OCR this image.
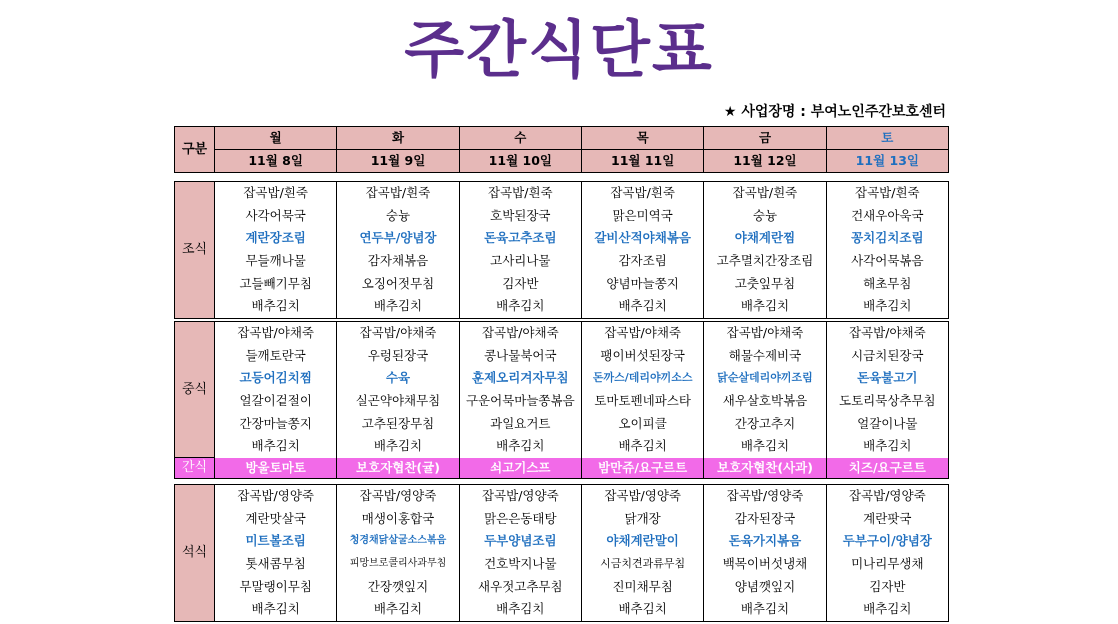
주간식단표
★ 사업장명 : 부여노인주간보호센터
구분	월	화	수	목	금	토
	11월 8일	11월 9일	11월 10일	11월 11일	11월 12일	11월 13일
조식	잡곡밥/흰죽	잡곡밥/흰죽	잡곡밥/흰죽	잡곡밥/흰죽	잡곡밥/흰죽	잡곡밥/흰죽
	사각어묵국	숭늉	호박된장국	맑은미역국	숭늉	건새우아욱국
	계란장조림	연두부/양념장	돈육고추조림	갈비산적야채볶음	야채계란찜	꽁치김치조림
	무들깨나물	감자채볶음	고사리나물	감자조림	고추멸치간장조림	사각어묵볶음
	고들빼기무침	오징어젓무침	김자반	양념마늘쫑지	고춧잎무침	해초무침
	배추김치	배추김치	배추김치	배추김치	배추김치	배추김치
중식	잡곡밥/야채죽	잡곡밥/야채죽	잡곡밥/야채죽	잡곡밥/야채죽	잡곡밥/야채죽	잡곡밥/야채죽
	들깨토란국	우렁된장국	콩나물북어국	팽이버섯된장국	해물수제비국	시금치된장국
	고등어김치찜	수육	훈제오리겨자무침	돈까스/데리야끼소스	닭순살데리야끼조림	돈육불고기
	얼갈이겉절이	실곤약야채무침	구운어묵마늘쫑볶음	토마토펜네파스타	새우살호박볶음	도토리묵상추무침
	간장마늘쫑지	고추된장무침	과일요거트	오이피클	간장고추지	얼갈이나물
	배추김치	배추김치	배추김치	배추김치	배추김치	배추김치
간식	방울토마토	보호자협찬(귤)	쇠고기스프	밤만쥬/요구르트	보호자협찬(사과)	치즈/요구르트
석식	잡곡밥/영양죽	잡곡밥/영양죽	잡곡밥/영양죽	잡곡밥/영양죽	잡곡밥/영양죽	잡곡밥/영양죽
	계란맛살국	매생이홍합국	맑은은동태탕	닭개장	감자된장국	계란팟국
	미트볼조림	청경채닭살굴소스볶음	두부양념조림	야채계란말이	돈육가지볶음	두부구이/양념장
	톳새콤무침	피망브로콜리사과무침	건호박지나물	시금치견과류무침	백목이버섯냉채	미나리무생채
	무말랭이무침	간장깻잎지	새우젓고추무침	진미채무침	양념깻잎지	김자반
	배추김치	배추김치	배추김치	배추김치	배추김치	배추김치
